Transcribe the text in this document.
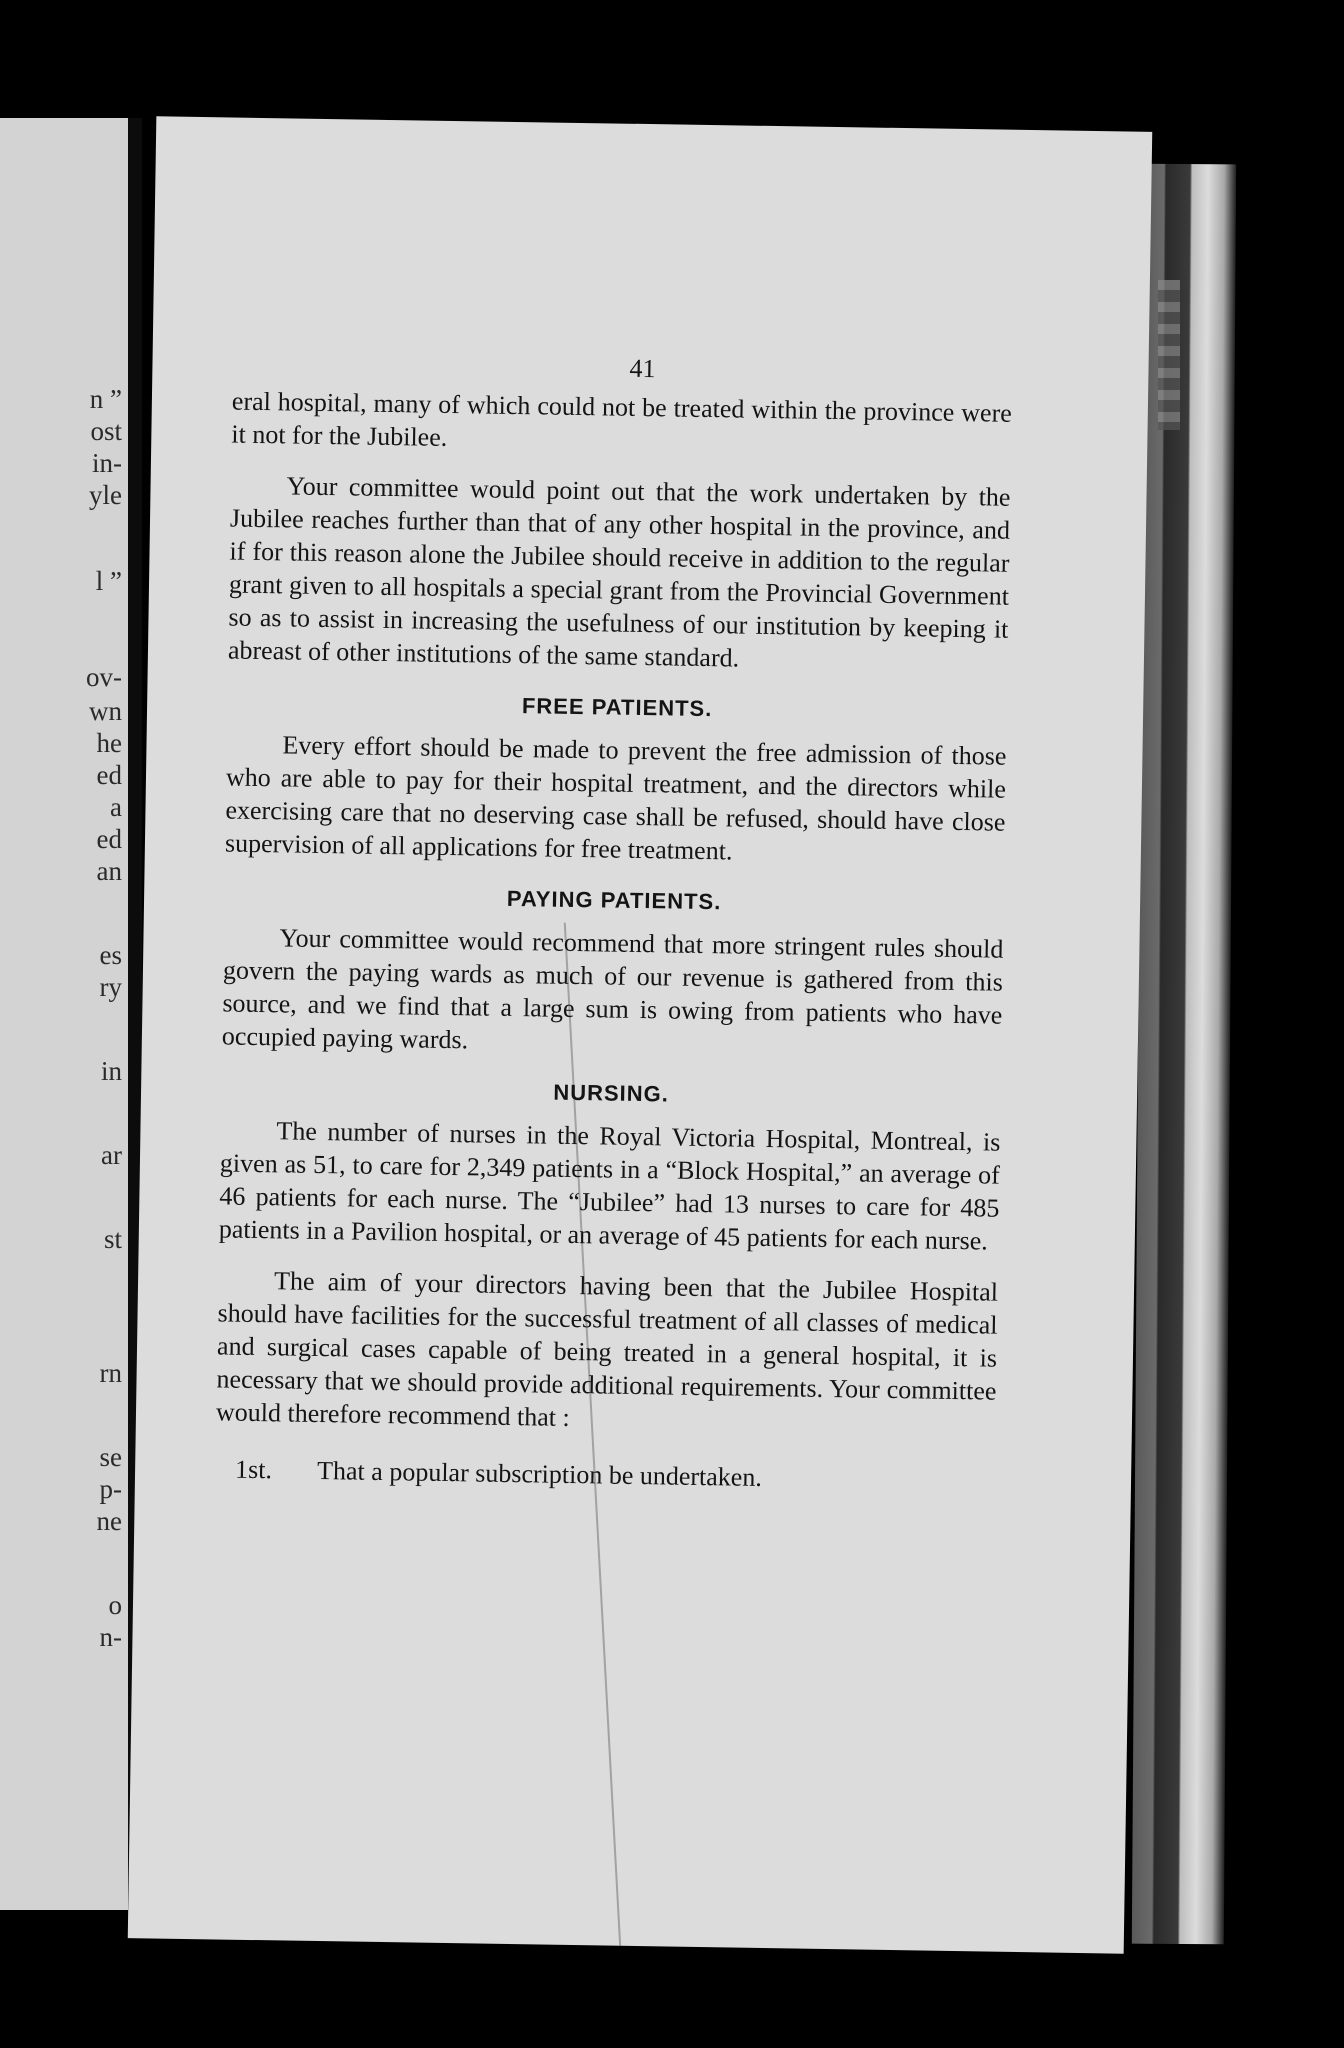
n ”
ost
in-
yle
l ”
ov-
wn
he
ed
a
ed
an
es
ry
in
ar
st
rn
se
p-
ne
o
n-
41

eral hospital, many of which could not be treated within the province were it not for the Jubilee.

Your committee would point out that the work undertaken by the Jubilee reaches further than that of any other hospital in the province, and if for this reason alone the Jubilee should receive in addition to the regular grant given to all hospitals a special grant from the Provincial Government so as to assist in increasing the usefulness of our institution by keeping it abreast of other institutions of the same standard.

FREE PATIENTS.

Every effort should be made to prevent the free admission of those who are able to pay for their hospital treatment, and the directors while exercising care that no deserving case shall be refused, should have close supervision of all applications for free treatment.

PAYING PATIENTS.

Your committee would recommend that more stringent rules should govern the paying wards as much of our revenue is gathered from this source, and we find that a large sum is owing from patients who have occupied paying wards.

NURSING.

The number of nurses in the Royal Victoria Hospital, Montreal, is given as 51, to care for 2,349 patients in a “Block Hospital,” an average of 46 patients for each nurse. The “Jubilee” had 13 nurses to care for 485 patients in a Pavilion hospital, or an average of 45 patients for each nurse.

The aim of your directors having been that the Jubilee Hospital should have facilities for the successful treatment of all classes of medical and surgical cases capable of being treated in a general hospital, it is necessary that we should provide additional requirements. Your committee would therefore recommend that :

1st. That a popular subscription be undertaken.
